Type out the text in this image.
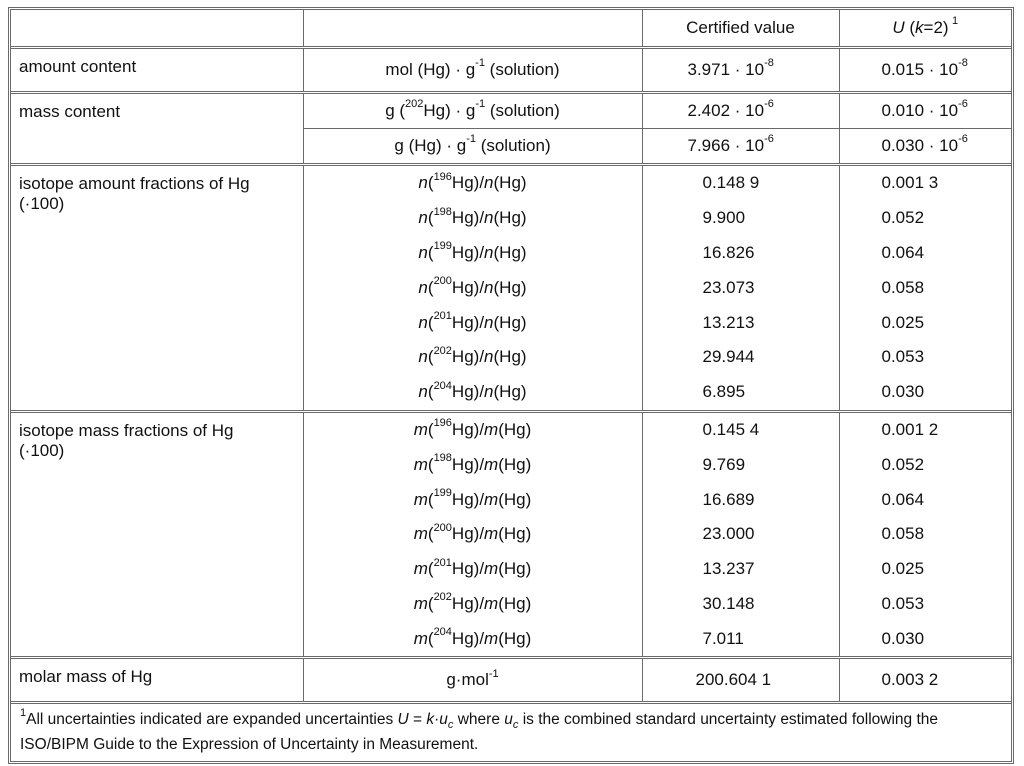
		Certified value	U (k=2) $^1$
amount content	mol $(Hg) \cdot g^{-1}$ (solution)	$3.971 \cdot 10^{-8}$	$0.015 \cdot 10^{-8}$
mass content	g $(^{202}Hg) \cdot g^{-1}$ (solution)	$2.402 \cdot 10^{-6}$	$0.010 \cdot 10^{-6}$
	g $(Hg) \cdot g^{-1}$ (solution)	$7.966 \cdot 10^{-6}$	$0.030 \cdot 10^{-6}$

isotope amount fractions of Hg
(·100)	n($^{196}$Hg)/n(Hg)	0.148 9	0.001 3
	n($^{198}$Hg)/n(Hg)	9.900	0.052
	n($^{199}$Hg)/n(Hg)	16.826	0.064
	n($^{200}$Hg)/n(Hg)	23.073	0.058
	n($^{201}$Hg)/n(Hg)	13.213	0.025
	n($^{202}$Hg)/n(Hg)	29.944	0.053
	n($^{204}$Hg)/n(Hg)	6.895	0.030

isotope mass fractions of Hg
(·100)	m($^{196}$Hg)/m(Hg)	0.145 4	0.001 2
	m($^{198}$Hg)/m(Hg)	9.769	0.052
	m($^{199}$Hg)/m(Hg)	16.689	0.064
	m($^{200}$Hg)/m(Hg)	23.000	0.058
	m($^{201}$Hg)/m(Hg)	13.237	0.025
	m($^{202}$Hg)/m(Hg)	30.148	0.053
	m($^{204}$Hg)/m(Hg)	7.011	0.030
molar mass of Hg	g·mol$^{-1}$	200.604 1	0.003 2
$^1$All uncertainties indicated are expanded uncertainties $U = k\cdot u_c$ where $u_c$ is the combined standard uncertainty estimated following the ISO/BIPM Guide to the Expression of Uncertainty in Measurement.			
